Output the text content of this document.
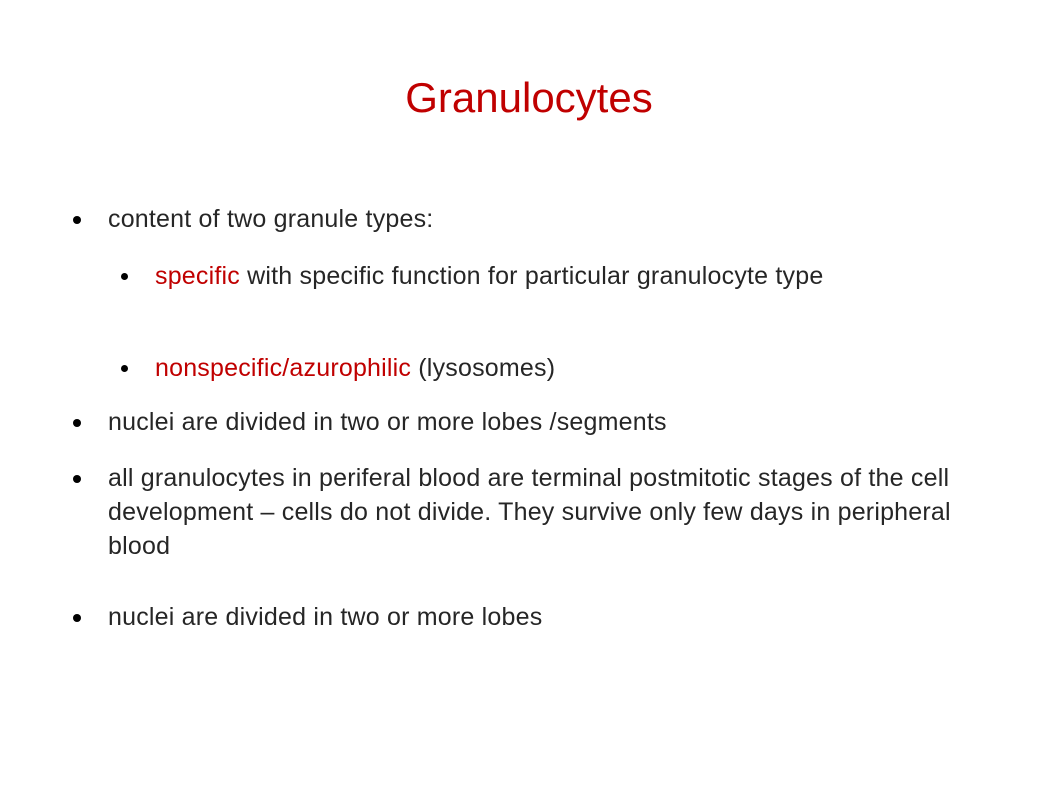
Granulocytes
content of two granule types:
specific with specific function for particular granulocyte type
nonspecific/azurophilic (lysosomes)
nuclei are divided in two or more lobes /segments
all granulocytes in periferal blood are terminal postmitotic stages of the cell development – cells do not divide. They survive only few days in peripheral blood
nuclei are divided in two or more lobes
